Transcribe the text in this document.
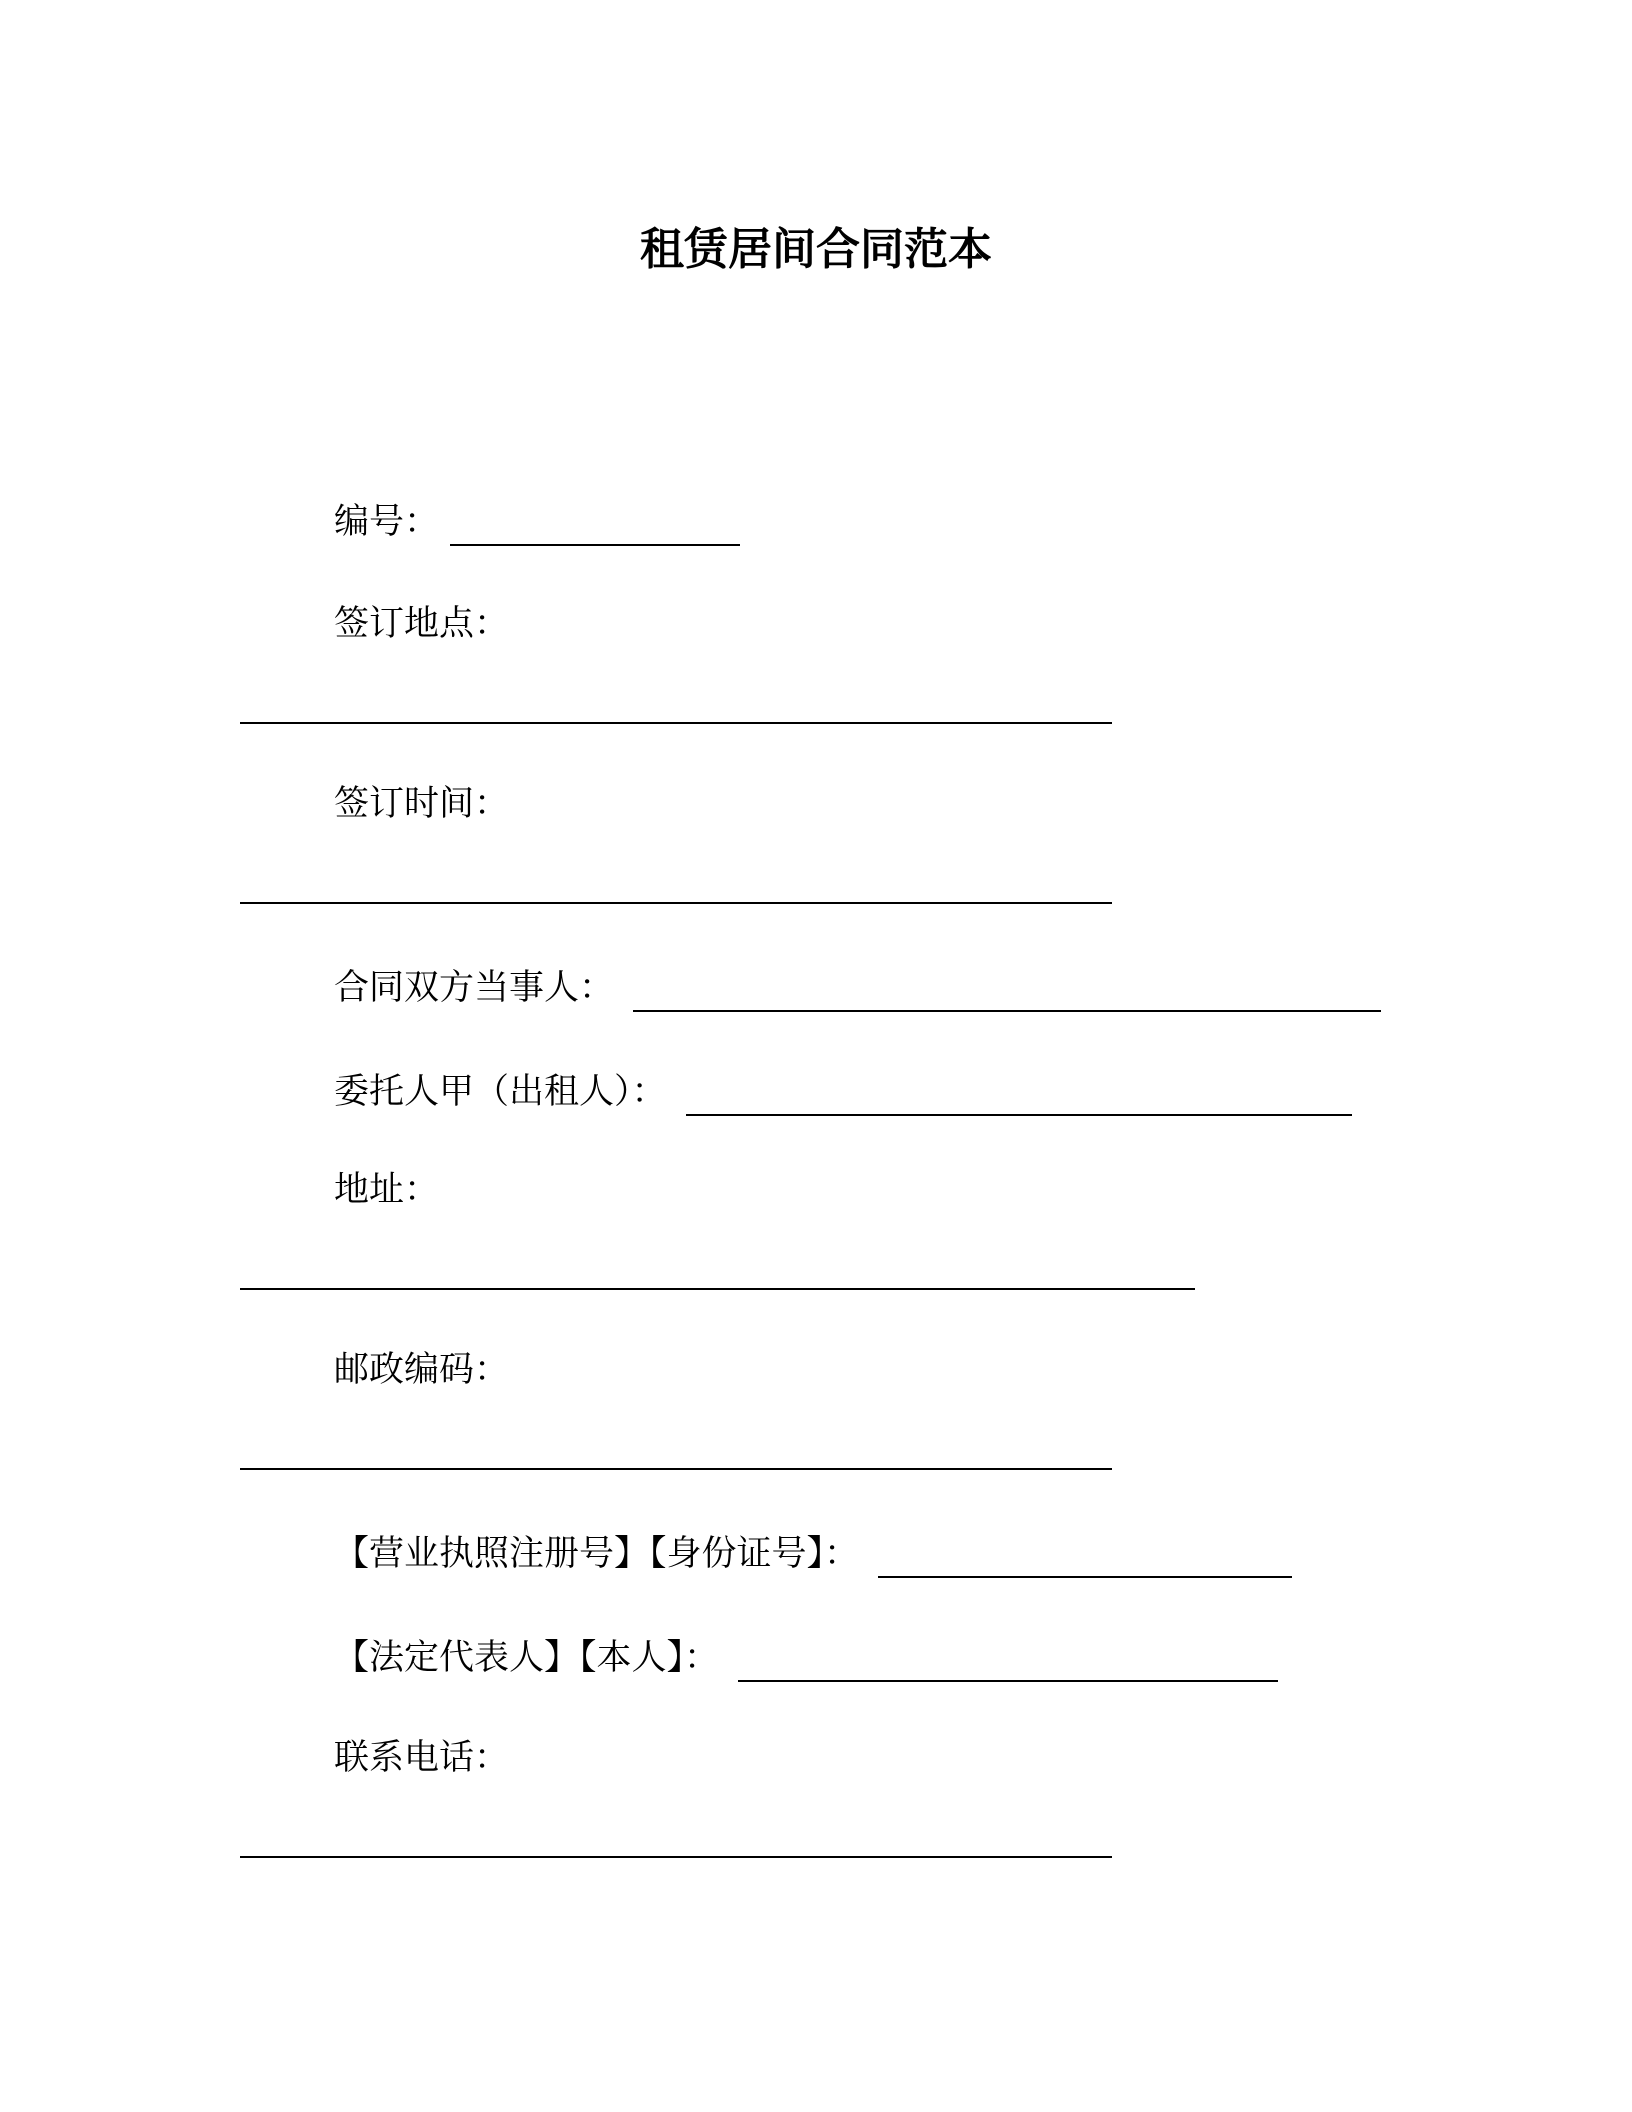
租赁居间合同范本
编号：
签订地点：
签订时间：
合同双方当事人：
委托人甲（出租人）：
地址：
邮政编码：
【营业执照注册号】【身份证号】：
【法定代表人】【本人】：
联系电话：
